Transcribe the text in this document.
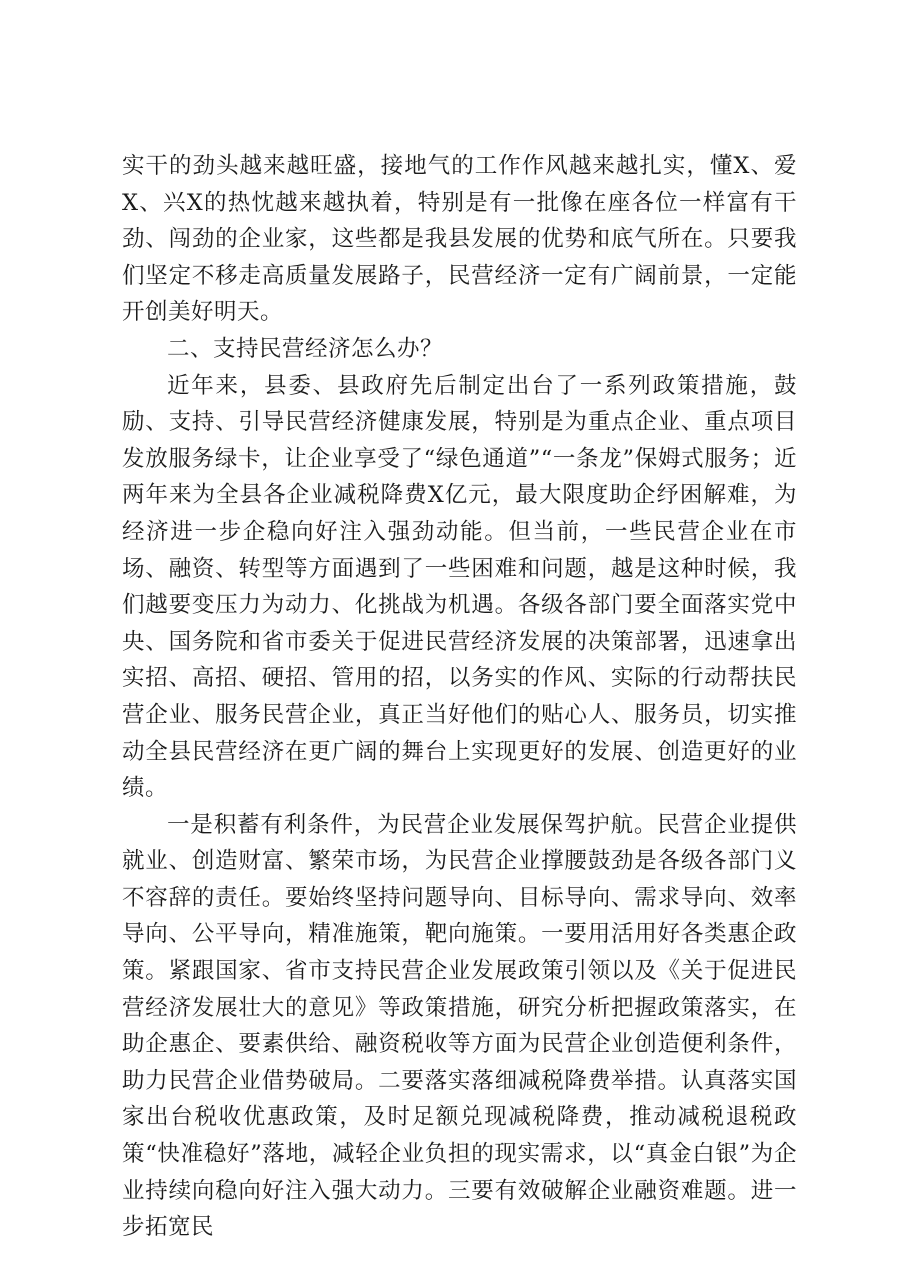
实干的劲头越来越旺盛，接地气的工作作风越来越扎实，懂X、爱X、兴X的热忱越来越执着，特别是有一批像在座各位一样富有干劲、闯劲的企业家，这些都是我县发展的优势和底气所在。只要我们坚定不移走高质量发展路子，民营经济一定有广阔前景，一定能开创美好明天。

二、支持民营经济怎么办？

近年来，县委、县政府先后制定出台了一系列政策措施，鼓励、支持、引导民营经济健康发展，特别是为重点企业、重点项目发放服务绿卡，让企业享受了“绿色通道”“一条龙”保姆式服务；近两年来为全县各企业减税降费X亿元，最大限度助企纾困解难，为经济进一步企稳向好注入强劲动能。但当前，一些民营企业在市场、融资、转型等方面遇到了一些困难和问题，越是这种时候，我们越要变压力为动力、化挑战为机遇。各级各部门要全面落实党中央、国务院和省市委关于促进民营经济发展的决策部署，迅速拿出实招、高招、硬招、管用的招，以务实的作风、实际的行动帮扶民营企业、服务民营企业，真正当好他们的贴心人、服务员，切实推动全县民营经济在更广阔的舞台上实现更好的发展、创造更好的业绩。

一是积蓄有利条件，为民营企业发展保驾护航。民营企业提供就业、创造财富、繁荣市场，为民营企业撑腰鼓劲是各级各部门义不容辞的责任。要始终坚持问题导向、目标导向、需求导向、效率导向、公平导向，精准施策，靶向施策。一要用活用好各类惠企政策。紧跟国家、省市支持民营企业发展政策引领以及《关于促进民营经济发展壮大的意见》等政策措施，研究分析把握政策落实，在助企惠企、要素供给、融资税收等方面为民营企业创造便利条件，助力民营企业借势破局。二要落实落细减税降费举措。认真落实国家出台税收优惠政策，及时足额兑现减税降费，推动减税退税政策“快准稳好”落地，减轻企业负担的现实需求，以“真金白银”为企业持续向稳向好注入强大动力。三要有效破解企业融资难题。进一步拓宽民
